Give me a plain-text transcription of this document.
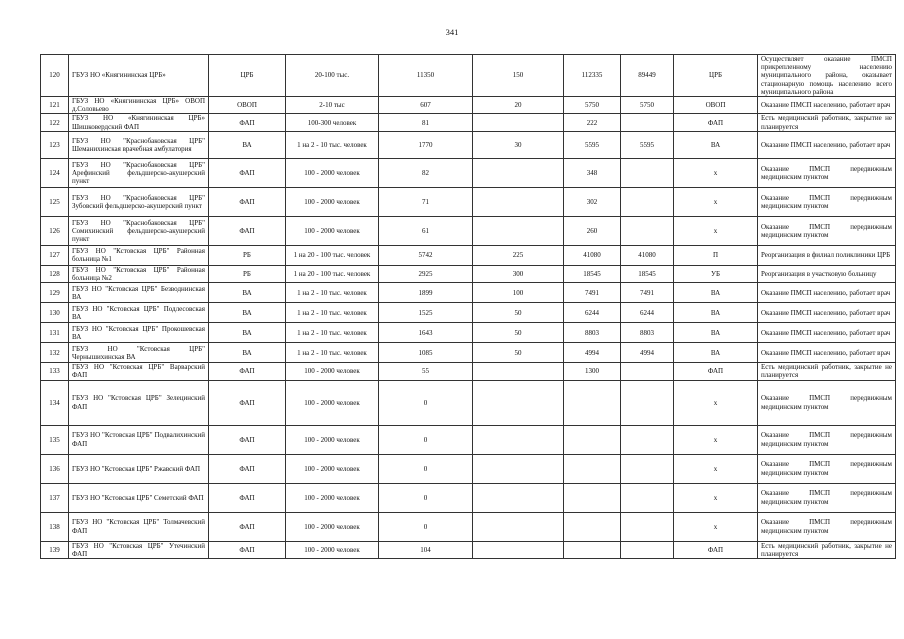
341
120	ГБУЗ НО «Княгининская ЦРБ»	ЦРБ	20-100 тыс.	11350	150	112335	89449	ЦРБ	Осуществляет оказание ПМСП прикрепленному населению муниципального района, оказывает стационарную помощь населению всего муниципального района
121	ГБУЗ НО «Княгининская ЦРБ» ОВОП д.Соловьево	ОВОП	2-10 тыс	607	20	5750	5750	ОВОП	Оказание ПМСП населению, работает врач
122	ГБУЗ НО «Княгининская ЦРБ» Шишковердский ФАП	ФАП	100-300 человек	81		222		ФАП	Есть медицинский работник, закрытие не планируется
123	ГБУЗ НО "Краснобаковская ЦРБ" Шеманихинская врачебная амбулатория	ВА	1 на 2 - 10 тыс. человек	1770	30	5595	5595	ВА	Оказание ПМСП населению, работает врач
124	ГБУЗ НО "Краснобаковская ЦРБ" Арефинский фельдшерско-акушерский пункт	ФАП	100 - 2000 человек	82		348		х	Оказание ПМСП передвижным медицинским пунктом
125	ГБУЗ НО "Краснобаковская ЦРБ" Зубовский фельдшерско-акушерский пункт	ФАП	100 - 2000 человек	71		302		х	Оказание ПМСП передвижным медицинским пунктом
126	ГБУЗ НО "Краснобаковская ЦРБ" Сомихинский фельдшерско-акушерский пункт	ФАП	100 - 2000 человек	61		260		х	Оказание ПМСП передвижным медицинским пунктом
127	ГБУЗ НО "Кстовская ЦРБ" Районная больница №1	РБ	1 на 20 - 100 тыс. человек	5742	225	41080	41080	П	Реорганизация в филиал поликлиники ЦРБ
128	ГБУЗ НО "Кстовская ЦРБ" Районная больница №2	РБ	1 на 20 - 100 тыс. человек	2925	300	18545	18545	УБ	Реорганизация в участковую больницу
129	ГБУЗ НО "Кстовская ЦРБ" Безводнинская ВА	ВА	1 на 2 - 10 тыс. человек	1899	100	7491	7491	ВА	Оказание ПМСП населению, работает врач
130	ГБУЗ НО "Кстовская ЦРБ" Подлесовская ВА	ВА	1 на 2 - 10 тыс. человек	1525	50	6244	6244	ВА	Оказание ПМСП населению, работает врач
131	ГБУЗ НО "Кстовская ЦРБ" Прокошевская ВА	ВА	1 на 2 - 10 тыс. человек	1643	50	8803	8803	ВА	Оказание ПМСП населению, работает врач
132	ГБУЗ НО "Кстовская ЦРБ" Чернышихинская ВА	ВА	1 на 2 - 10 тыс. человек	1085	50	4994	4994	ВА	Оказание ПМСП населению, работает врач
133	ГБУЗ НО "Кстовская ЦРБ" Варварский ФАП	ФАП	100 - 2000 человек	55		1300		ФАП	Есть медицинский работник, закрытие не планируется
134	ГБУЗ НО "Кстовская ЦРБ" Зелецинский ФАП	ФАП	100 - 2000 человек	0				х	Оказание ПМСП передвижным медицинским пунктом
135	ГБУЗ НО "Кстовская ЦРБ" Подвалихинский ФАП	ФАП	100 - 2000 человек	0				х	Оказание ПМСП передвижным медицинским пунктом
136	ГБУЗ НО "Кстовская ЦРБ" Ржавский ФАП	ФАП	100 - 2000 человек	0				х	Оказание ПМСП передвижным медицинским пунктом
137	ГБУЗ НО "Кстовская ЦРБ" Семетский ФАП	ФАП	100 - 2000 человек	0				х	Оказание ПМСП передвижным медицинским пунктом
138	ГБУЗ НО "Кстовская ЦРБ" Толмачевский ФАП	ФАП	100 - 2000 человек	0				х	Оказание ПМСП передвижным медицинским пунктом
139	ГБУЗ НО "Кстовская ЦРБ" Утечинский ФАП	ФАП	100 - 2000 человек	104				ФАП	Есть медицинский работник, закрытие не планируется
